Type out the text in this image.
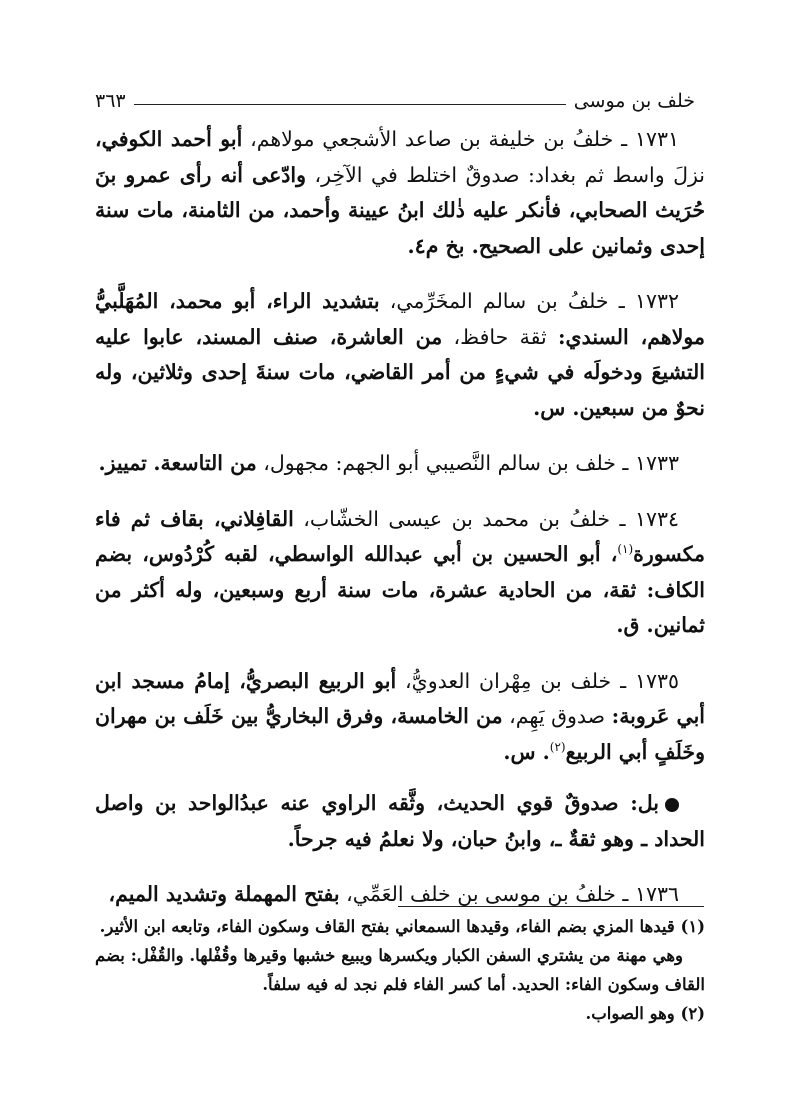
خلف بن موسى
٣٦٣

١٧٣١ ـ خلفُ بن خليفة بن صاعد الأشجعي مولاهم، أبو أحمد الكوفي، نزلَ واسط ثم بغداد: صدوقٌ اختلط في الآخِر، وادّعى أنه رأى عمرو بنَ حُرَيث الصحابي، فأنكر عليه ذٰلك ابنُ عيينة وأحمد، من الثامنة، مات سنة إحدى وثمانين على الصحيح. بخ م٤.

١٧٣٢ ـ خلفُ بن سالم المخَرِّمي، بتشديد الراء، أبو محمد، المُهَلَّبيُّ مولاهم، السندي: ثقة حافظ، من العاشرة، صنف المسند، عابوا عليه التشيعَ ودخولَه في شيءٍ من أمر القاضي، مات سنةَ إحدى وثلاثين، وله نحوٌ من سبعين. س.

١٧٣٣ ـ خلف بن سالم النَّصيبي أبو الجهم: مجهول، من التاسعة. تمييز.

١٧٣٤ ـ خلفُ بن محمد بن عيسى الخشّاب، القافِلاني، بقاف ثم فاء مكسورة$^{(١)}$، أبو الحسين بن أبي عبدالله الواسطي، لقبه كُرْدُوس، بضم الكاف: ثقة، من الحادية عشرة، مات سنة أربع وسبعين، وله أكثر من ثمانين. ق.

١٧٣٥ ـ خلف بن مِهْران العدويُّ، أبو الربيع البصريُّ، إمامُ مسجد ابن أبي عَروبة: صدوق يَهِم، من الخامسة، وفرق البخاريُّ بين خَلَف بن مهران وخَلَفٍ أبي الربيع$^{(٢)}$. س.

بل: صدوقٌ قوي الحديث، وثَّقه الراوي عنه عبدُالواحد بن واصل الحداد ـ وهو ثقةٌ ـ، وابنُ حبان، ولا نعلمُ فيه جرحاً.

١٧٣٦ ـ خلفُ بن موسى بن خلف العَمِّي، بفتح المهملة وتشديد الميم،

(١) قيدها المزي بضم الفاء، وقيدها السمعاني بفتح القاف وسكون الفاء، وتابعه ابن الأثير.

وهي مهنة من يشتري السفن الكبار ويكسرها ويبيع خشبها وقيرها وقُفْلها. والقُفْل: بضم القاف وسكون الفاء: الحديد. أما كسر الفاء فلم نجد له فيه سلفاً.

(٢) وهو الصواب.
